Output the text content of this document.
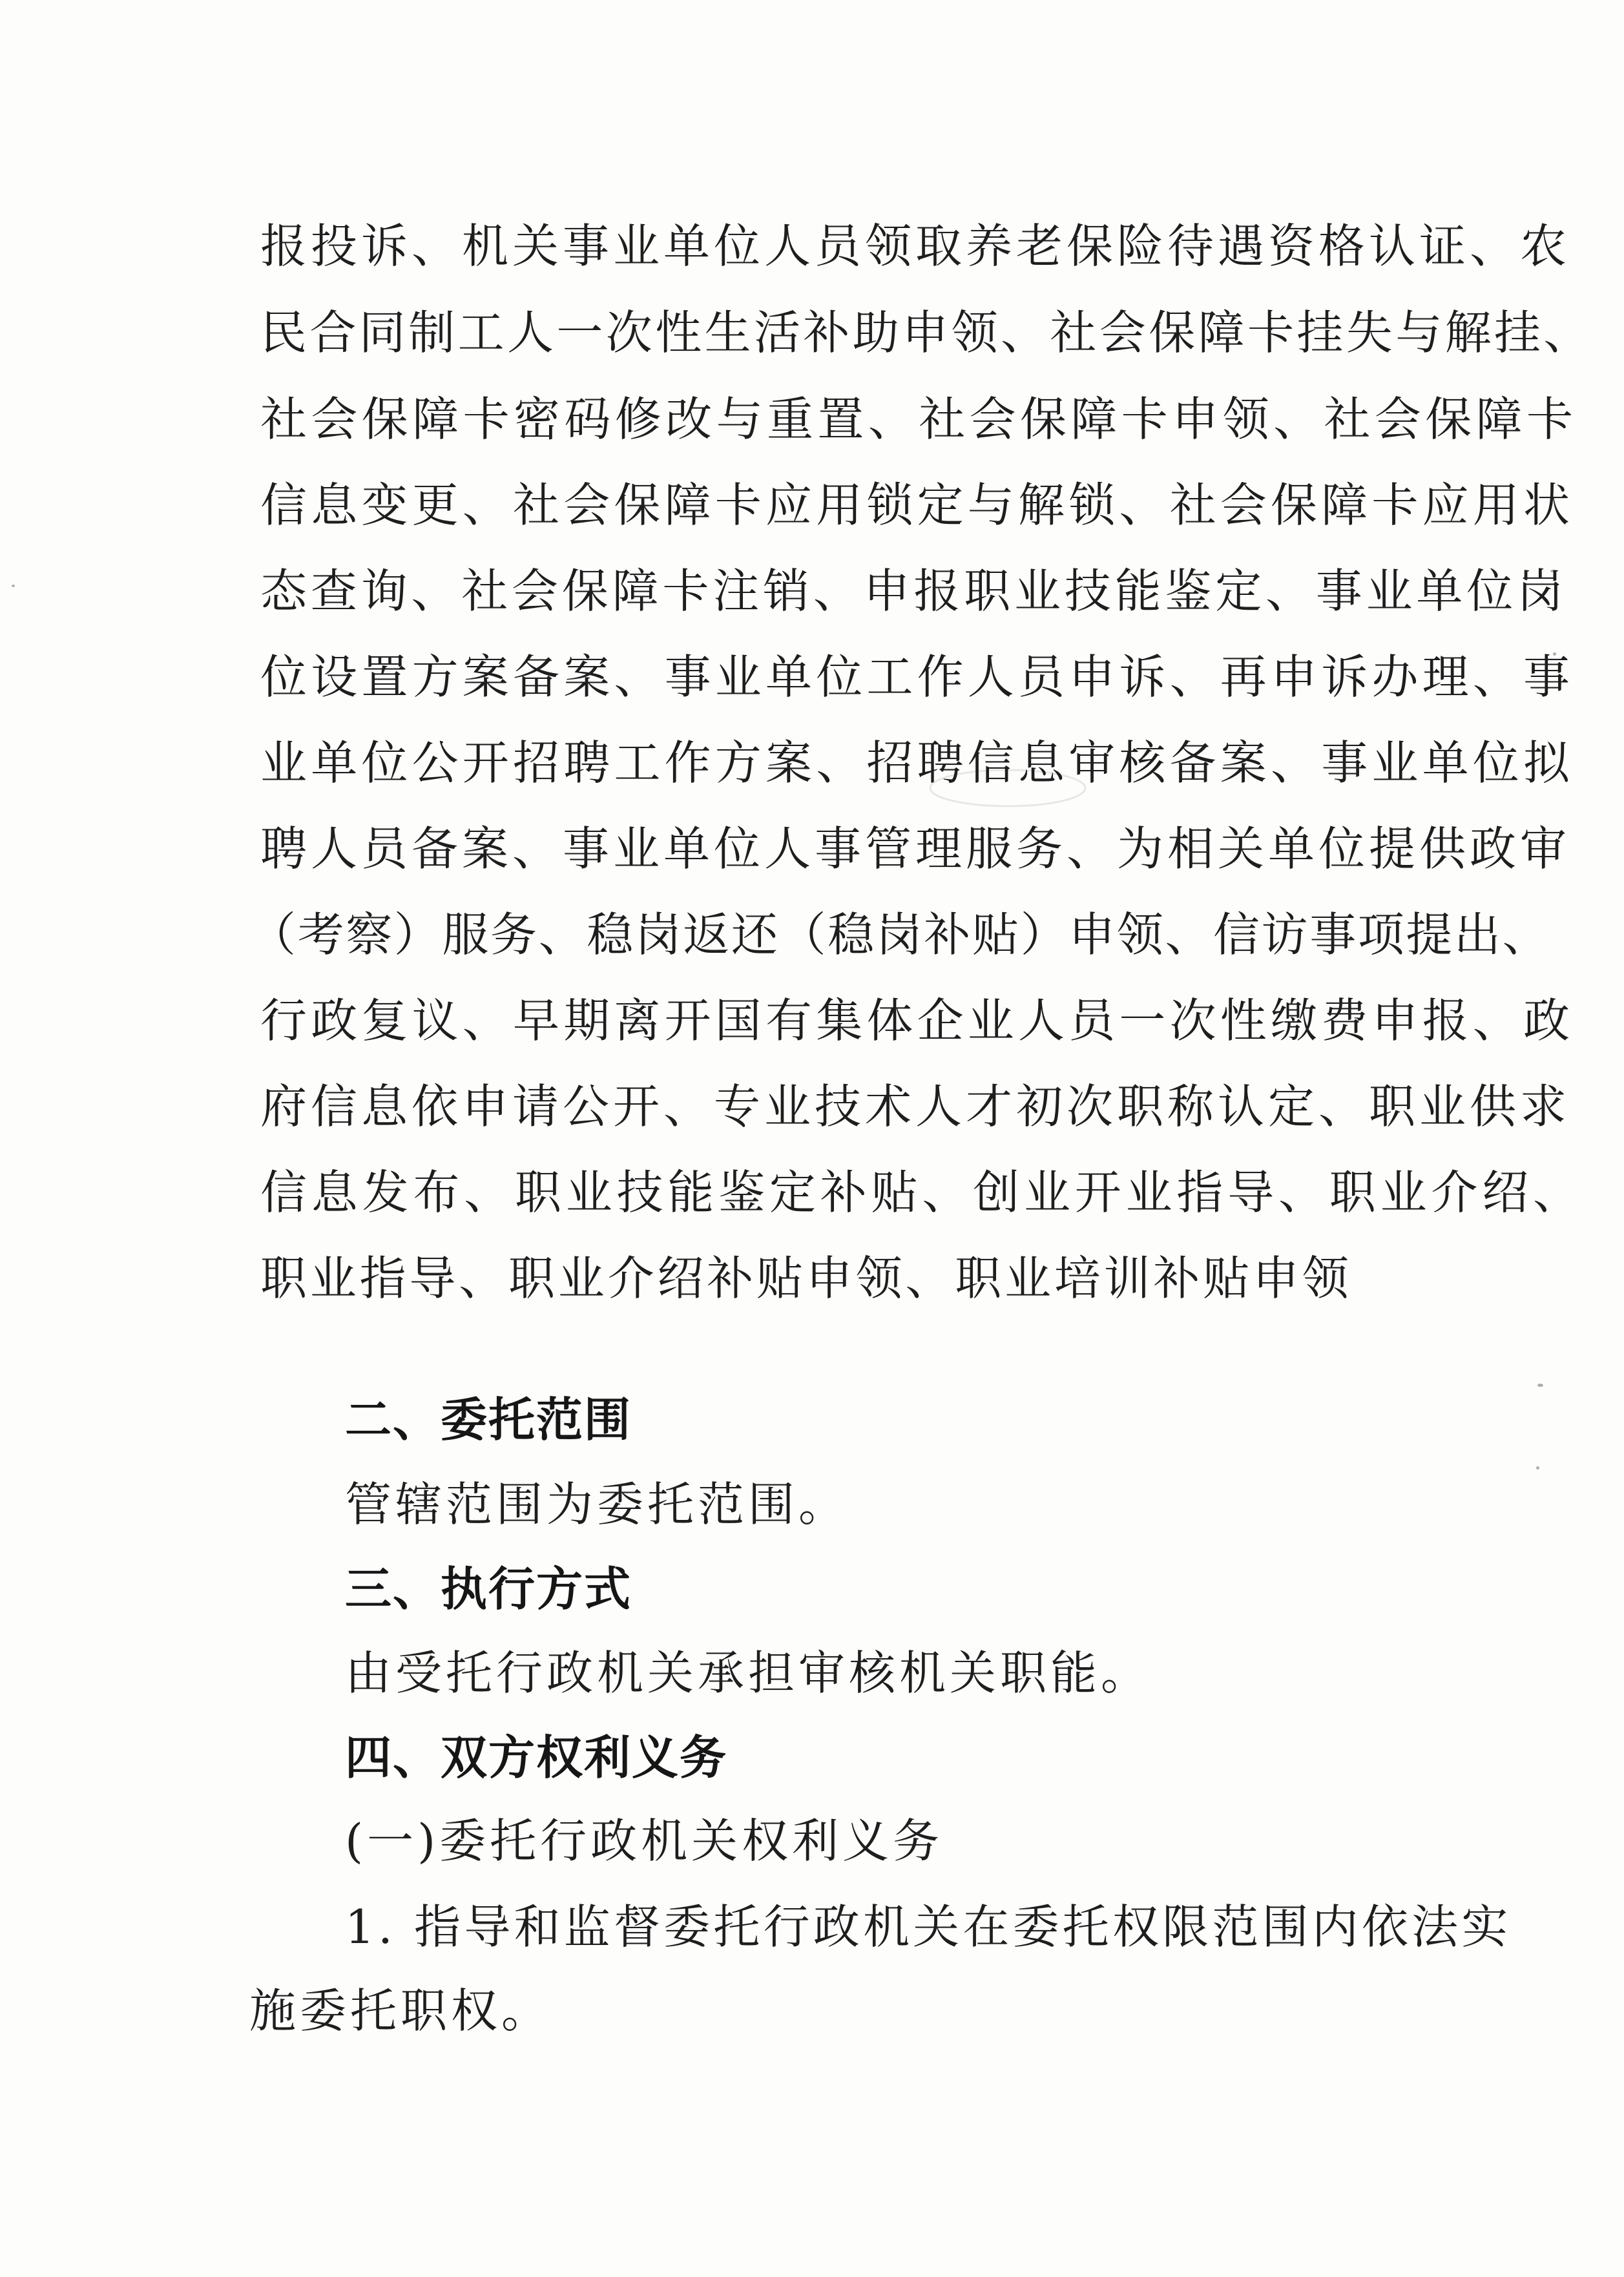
报投诉、机关事业单位人员领取养老保险待遇资格认证、农
民合同制工人一次性生活补助申领、社会保障卡挂失与解挂、
社会保障卡密码修改与重置、社会保障卡申领、社会保障卡
信息变更、社会保障卡应用锁定与解锁、社会保障卡应用状
态查询、社会保障卡注销、申报职业技能鉴定、事业单位岗
位设置方案备案、事业单位工作人员申诉、再申诉办理、事
业单位公开招聘工作方案、招聘信息审核备案、事业单位拟
聘人员备案、事业单位人事管理服务、为相关单位提供政审
（考察）服务、稳岗返还（稳岗补贴）申领、信访事项提出、
行政复议、早期离开国有集体企业人员一次性缴费申报、政
府信息依申请公开、专业技术人才初次职称认定、职业供求
信息发布、职业技能鉴定补贴、创业开业指导、职业介绍、
职业指导、职业介绍补贴申领、职业培训补贴申领
二、委托范围
管辖范围为委托范围。
三、执行方式
由受托行政机关承担审核机关职能。
四、双方权利义务
(一)委托行政机关权利义务
1. 指导和监督委托行政机关在委托权限范围内依法实
施委托职权。
